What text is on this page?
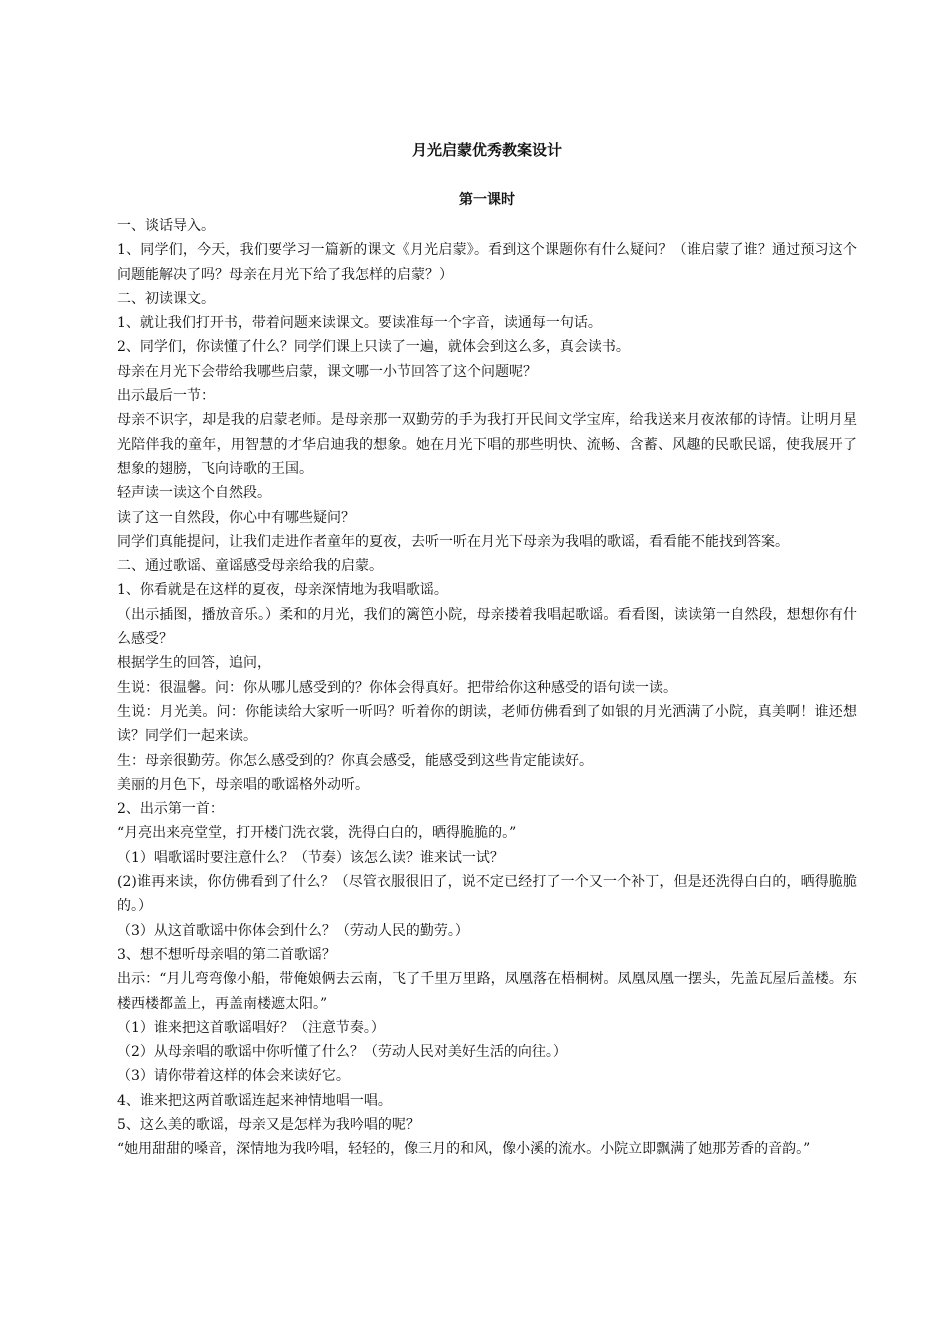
月光启蒙优秀教案设计
第一课时

一、谈话导入。

1、同学们，今天，我们要学习一篇新的课文《月光启蒙》。看到这个课题你有什么疑问？（谁启蒙了谁？通过预习这个问题能解决了吗？母亲在月光下给了我怎样的启蒙？）

二、初读课文。

1、就让我们打开书，带着问题来读课文。要读准每一个字音，读通每一句话。

2、同学们，你读懂了什么？同学们课上只读了一遍，就体会到这么多，真会读书。

母亲在月光下会带给我哪些启蒙，课文哪一小节回答了这个问题呢？

出示最后一节：

母亲不识字，却是我的启蒙老师。是母亲那一双勤劳的手为我打开民间文学宝库，给我送来月夜浓郁的诗情。让明月星光陪伴我的童年，用智慧的才华启迪我的想象。她在月光下唱的那些明快、流畅、含蓄、风趣的民歌民谣，使我展开了想象的翅膀，飞向诗歌的王国。

轻声读一读这个自然段。

读了这一自然段，你心中有哪些疑问？

同学们真能提问，让我们走进作者童年的夏夜，去听一听在月光下母亲为我唱的歌谣，看看能不能找到答案。

二、通过歌谣、童谣感受母亲给我的启蒙。

1、你看就是在这样的夏夜，母亲深情地为我唱歌谣。

（出示插图，播放音乐。）柔和的月光，我们的篱笆小院，母亲搂着我唱起歌谣。看看图，读读第一自然段，想想你有什么感受？

根据学生的回答，追问，

生说：很温馨。问：你从哪儿感受到的？你体会得真好。把带给你这种感受的语句读一读。

生说：月光美。问：你能读给大家听一听吗？听着你的朗读，老师仿佛看到了如银的月光洒满了小院，真美啊！谁还想读？同学们一起来读。

生：母亲很勤劳。你怎么感受到的？你真会感受，能感受到这些肯定能读好。

美丽的月色下，母亲唱的歌谣格外动听。

2、出示第一首：

“月亮出来亮堂堂，打开楼门洗衣裳，洗得白白的，晒得脆脆的。”

（1）唱歌谣时要注意什么？（节奏）该怎么读？谁来试一试？

(2)谁再来读，你仿佛看到了什么？（尽管衣服很旧了，说不定已经打了一个又一个补丁，但是还洗得白白的，晒得脆脆的。）

（3）从这首歌谣中你体会到什么？（劳动人民的勤劳。）

3、想不想听母亲唱的第二首歌谣？

出示：“月儿弯弯像小船，带俺娘俩去云南，飞了千里万里路，凤凰落在梧桐树。凤凰凤凰一摆头，先盖瓦屋后盖楼。东楼西楼都盖上，再盖南楼遮太阳。”

（1）谁来把这首歌谣唱好？（注意节奏。）

（2）从母亲唱的歌谣中你听懂了什么？（劳动人民对美好生活的向往。）

（3）请你带着这样的体会来读好它。

4、谁来把这两首歌谣连起来神情地唱一唱。

5、这么美的歌谣，母亲又是怎样为我吟唱的呢？

“她用甜甜的嗓音，深情地为我吟唱，轻轻的，像三月的和风，像小溪的流水。小院立即飘满了她那芳香的音韵。”
